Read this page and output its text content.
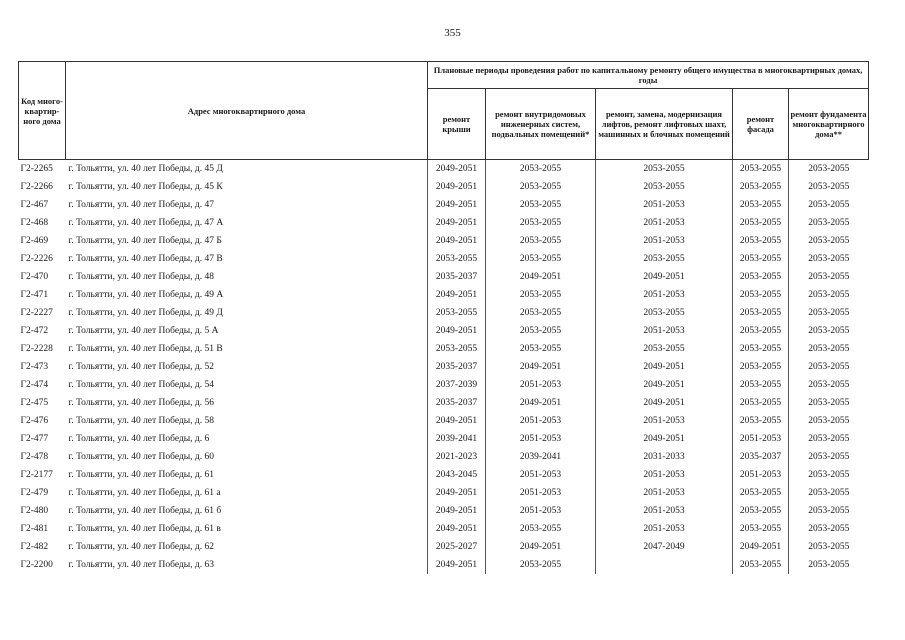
355
Код много-квартир-ного дома	Адрес многоквартирного дома	Плановые периоды проведения работ по капитальному ремонту общего имущества в многоквартирных домах, годы				
		ремонт крыши	ремонт внутридомовых инженерных систем, подвальных помещений*	ремонт, замена, модернизация лифтов, ремонт лифтовых шахт, машинных и блочных помещений	ремонт фасада	ремонт фундамента многоквартирного дома**
Г2-2265	г. Тольятти, ул. 40 лет Победы, д. 45 Д	2049-2051	2053-2055	2053-2055	2053-2055	2053-2055
Г2-2266	г. Тольятти, ул. 40 лет Победы, д. 45 К	2049-2051	2053-2055	2053-2055	2053-2055	2053-2055
Г2-467	г. Тольятти, ул. 40 лет Победы, д. 47	2049-2051	2053-2055	2051-2053	2053-2055	2053-2055
Г2-468	г. Тольятти, ул. 40 лет Победы, д. 47 А	2049-2051	2053-2055	2051-2053	2053-2055	2053-2055
Г2-469	г. Тольятти, ул. 40 лет Победы, д. 47 Б	2049-2051	2053-2055	2051-2053	2053-2055	2053-2055
Г2-2226	г. Тольятти, ул. 40 лет Победы, д. 47 В	2053-2055	2053-2055	2053-2055	2053-2055	2053-2055
Г2-470	г. Тольятти, ул. 40 лет Победы, д. 48	2035-2037	2049-2051	2049-2051	2053-2055	2053-2055
Г2-471	г. Тольятти, ул. 40 лет Победы, д. 49 А	2049-2051	2053-2055	2051-2053	2053-2055	2053-2055
Г2-2227	г. Тольятти, ул. 40 лет Победы, д. 49 Д	2053-2055	2053-2055	2053-2055	2053-2055	2053-2055
Г2-472	г. Тольятти, ул. 40 лет Победы, д. 5 А	2049-2051	2053-2055	2051-2053	2053-2055	2053-2055
Г2-2228	г. Тольятти, ул. 40 лет Победы, д. 51 В	2053-2055	2053-2055	2053-2055	2053-2055	2053-2055
Г2-473	г. Тольятти, ул. 40 лет Победы, д. 52	2035-2037	2049-2051	2049-2051	2053-2055	2053-2055
Г2-474	г. Тольятти, ул. 40 лет Победы, д. 54	2037-2039	2051-2053	2049-2051	2053-2055	2053-2055
Г2-475	г. Тольятти, ул. 40 лет Победы, д. 56	2035-2037	2049-2051	2049-2051	2053-2055	2053-2055
Г2-476	г. Тольятти, ул. 40 лет Победы, д. 58	2049-2051	2051-2053	2051-2053	2053-2055	2053-2055
Г2-477	г. Тольятти, ул. 40 лет Победы, д. 6	2039-2041	2051-2053	2049-2051	2051-2053	2053-2055
Г2-478	г. Тольятти, ул. 40 лет Победы, д. 60	2021-2023	2039-2041	2031-2033	2035-2037	2053-2055
Г2-2177	г. Тольятти, ул. 40 лет Победы, д. 61	2043-2045	2051-2053	2051-2053	2051-2053	2053-2055
Г2-479	г. Тольятти, ул. 40 лет Победы, д. 61 а	2049-2051	2051-2053	2051-2053	2053-2055	2053-2055
Г2-480	г. Тольятти, ул. 40 лет Победы, д. 61 б	2049-2051	2051-2053	2051-2053	2053-2055	2053-2055
Г2-481	г. Тольятти, ул. 40 лет Победы, д. 61 в	2049-2051	2053-2055	2051-2053	2053-2055	2053-2055
Г2-482	г. Тольятти, ул. 40 лет Победы, д. 62	2025-2027	2049-2051	2047-2049	2049-2051	2053-2055
Г2-2200	г. Тольятти, ул. 40 лет Победы, д. 63	2049-2051	2053-2055		2053-2055	2053-2055
